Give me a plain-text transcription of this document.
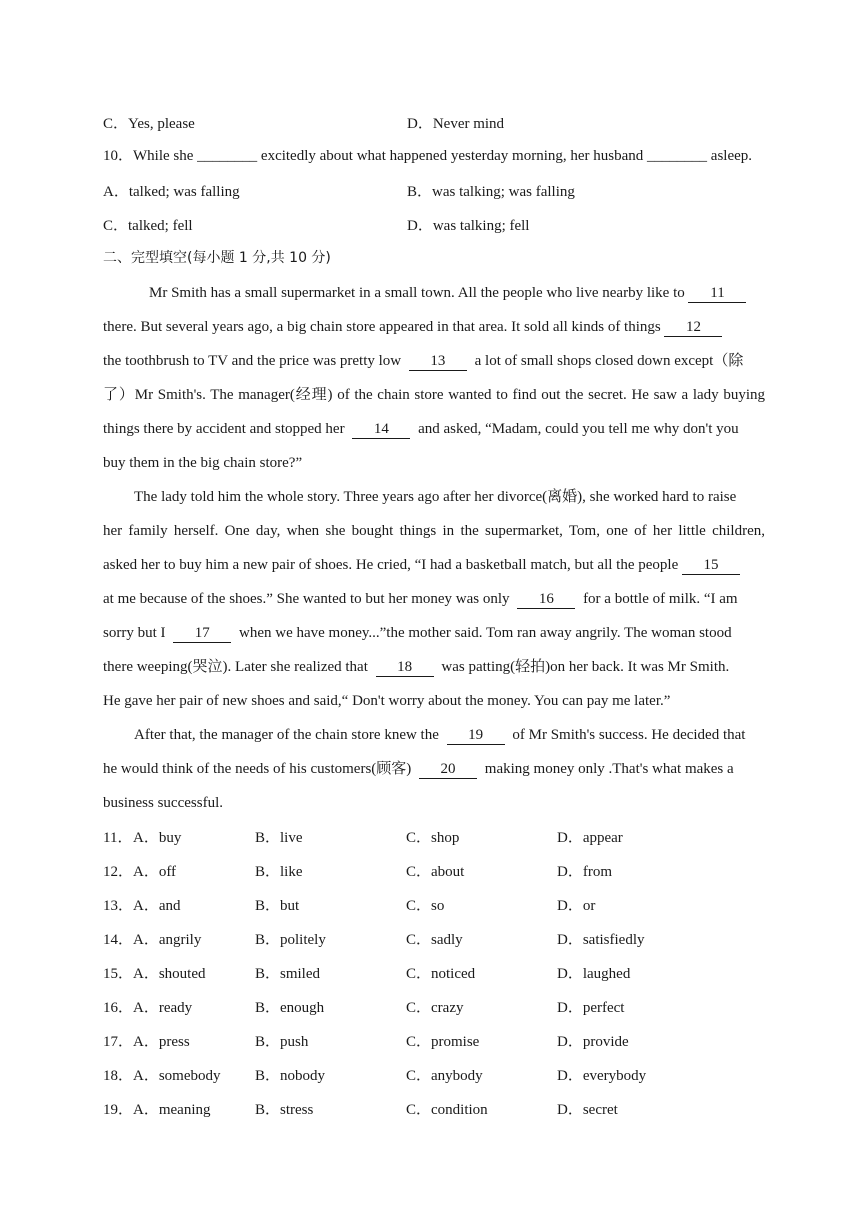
C．Yes, please	D．Never mind
10．While she ________ excitedly about what happened yesterday morning, her husband ________ asleep.
A．talked; was falling	B．was talking; was falling
C．talked; fell	D．was talking; fell
二、完型填空(每小题 1 分,共 10 分)
Mr Smith has a small supermarket in a small town. All the people who live nearby like to 11
there. But several years ago, a big chain store appeared in that area. It sold all kinds of things 12
the toothbrush to TV and the price was pretty low 13 a lot of small shops closed down except（除
了）Mr Smith's. The manager(经理) of the chain store wanted to find out the secret. He saw a lady buying
things there by accident and stopped her 14 and asked, “Madam, could you tell me why don't you
buy them in the big chain store?”
The lady told him the whole story. Three years ago after her divorce(离婚), she worked hard to raise
her family herself. One day, when she bought things in the supermarket, Tom, one of her little children,
asked her to buy him a new pair of shoes. He cried, “I had a basketball match, but all the people 15
at me because of the shoes.” She wanted to but her money was only 16 for a bottle of milk. “I am
sorry but I 17 when we have money...”the mother said. Tom ran away angrily. The woman stood
there weeping(哭泣). Later she realized that 18 was patting(轻拍)on her back. It was Mr Smith.
He gave her pair of new shoes and said,“ Don't worry about the money. You can pay me later.”
After that, the manager of the chain store knew the 19 of Mr Smith's success. He decided that
he would think of the needs of his customers(顾客) 20 making money only .That's what makes a
business successful.
11． A．buy	B．live	C．shop	D．appear
12． A．off	B．like	C．about	D．from
13． A．and	B．but	C．so	D．or
14． A．angrily	B．politely	C．sadly	D．satisfiedly
15． A．shouted	B．smiled	C．noticed	D．laughed
16． A．ready	B．enough	C．crazy	D．perfect
17． A．press	B．push	C．promise	D．provide
18． A．somebody B．nobody	C．anybody	D．everybody
19． A．meaning	B．stress	C．condition	D．secret
